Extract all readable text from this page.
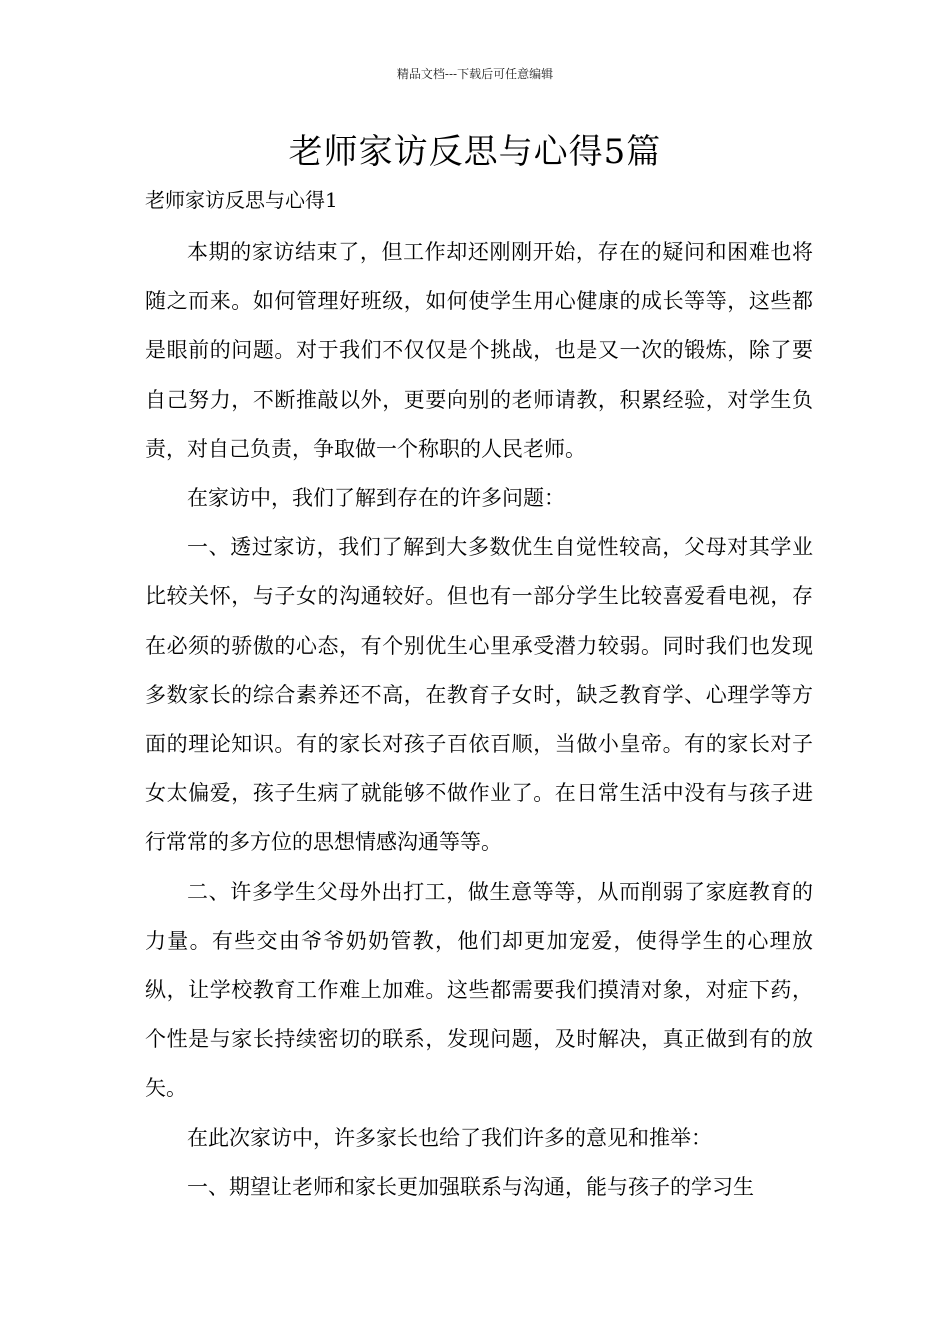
精品文档---下载后可任意编辑
老师家访反思与心得5篇
老师家访反思与心得1

本期的家访结束了，但工作却还刚刚开始，存在的疑问和困难也将随之而来。如何管理好班级，如何使学生用心健康的成长等等，这些都是眼前的问题。对于我们不仅仅是个挑战，也是又一次的锻炼，除了要自己努力，不断推敲以外，更要向别的老师请教，积累经验，对学生负责，对自己负责，争取做一个称职的人民老师。

在家访中，我们了解到存在的许多问题：

一、透过家访，我们了解到大多数优生自觉性较高，父母对其学业比较关怀，与子女的沟通较好。但也有一部分学生比较喜爱看电视，存在必须的骄傲的心态，有个别优生心里承受潜力较弱。同时我们也发现多数家长的综合素养还不高，在教育子女时，缺乏教育学、心理学等方面的理论知识。有的家长对孩子百依百顺，当做小皇帝。有的家长对子女太偏爱，孩子生病了就能够不做作业了。在日常生活中没有与孩子进行常常的多方位的思想情感沟通等等。

二、许多学生父母外出打工，做生意等等，从而削弱了家庭教育的力量。有些交由爷爷奶奶管教，他们却更加宠爱，使得学生的心理放纵，让学校教育工作难上加难。这些都需要我们摸清对象，对症下药，个性是与家长持续密切的联系，发现问题，及时解决，真正做到有的放矢。

在此次家访中，许多家长也给了我们许多的意见和推举：

一、期望让老师和家长更加强联系与沟通，能与孩子的学习生
